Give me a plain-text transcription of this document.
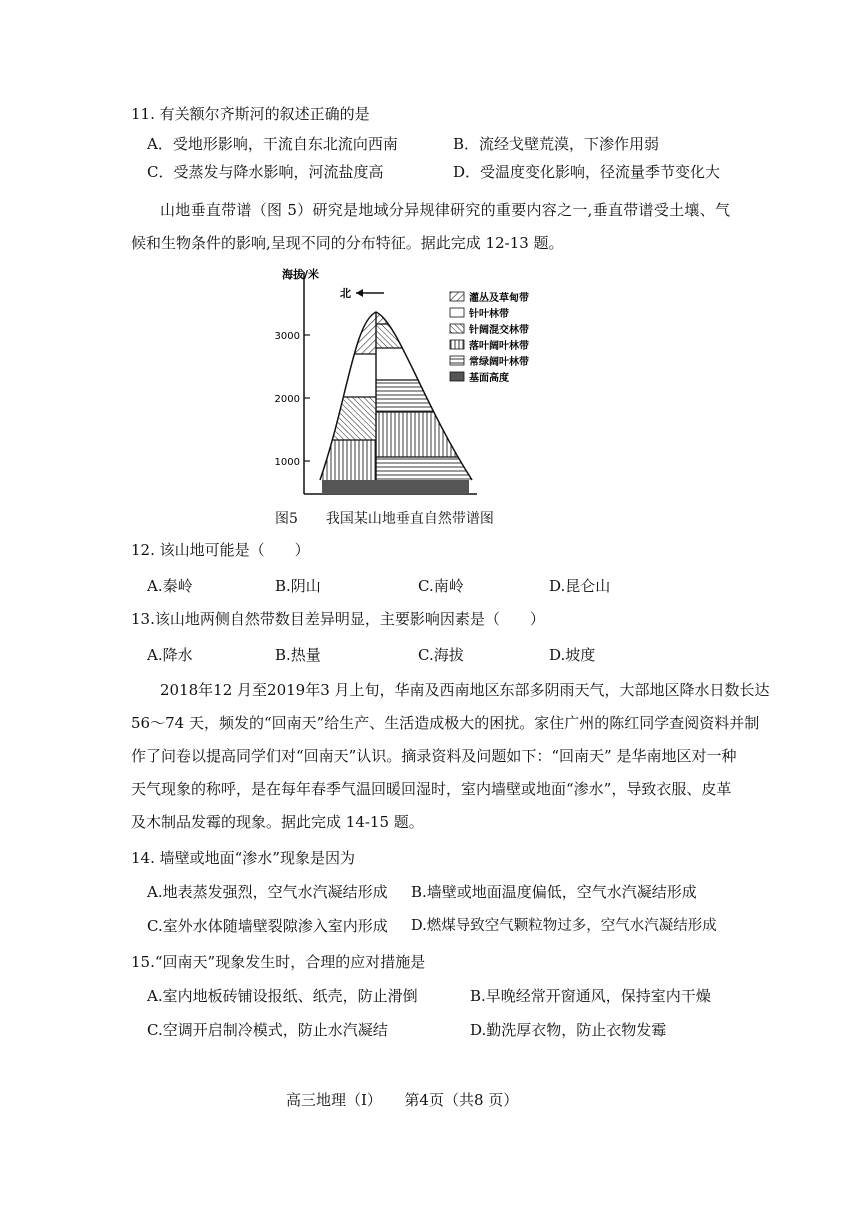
11. 有关额尔齐斯河的叙述正确的是
A．受地形影响，干流自东北流向西南	B．流经戈壁荒漠，下渗作用弱
C．受蒸发与降水影响，河流盐度高	D．受温度变化影响，径流量季节变化大
山地垂直带谱（图 5）研究是地域分异规律研究的重要内容之一,垂直带谱受土壤、气
候和生物条件的影响,呈现不同的分布特征。据此完成 12-13 题。
海拔/米
3000
2000
1000
北	灌丛及草甸带
针叶林带
针阔混交林带
落叶阔叶林带
常绿阔叶林带
基面高度
图5　　我国某山地垂直自然带谱图
12. 该山地可能是（　　）
A.秦岭	B.阴山	C.南岭	D.昆仑山
13.该山地两侧自然带数目差异明显，主要影响因素是（　　）
A.降水	B.热量	C.海拔	D.坡度
2018年12 月至2019年3 月上旬，华南及西南地区东部多阴雨天气，大部地区降水日数长达
56～74 天，频发的“回南天”给生产、生活造成极大的困扰。家住广州的陈红同学查阅资料并制
作了问卷以提高同学们对“回南天”认识。摘录资料及问题如下：“回南天” 是华南地区对一种
天气现象的称呼，是在每年春季气温回暖回湿时，室内墙壁或地面“渗水”，导致衣服、皮革
及木制品发霉的现象。据此完成 14-15 题。
14. 墙壁或地面“渗水”现象是因为
A.地表蒸发强烈，空气水汽凝结形成 B.墙壁或地面温度偏低，空气水汽凝结形成
C.室外水体随墙壁裂隙渗入室内形成 D.燃煤导致空气颗粒物过多，空气水汽凝结形成
15.“回南天”现象发生时，合理的应对措施是
A.室内地板砖铺设报纸、纸壳，防止滑倒	B.早晚经常开窗通风，保持室内干燥
C.空调开启制冷模式，防止水汽凝结	D.勤洗厚衣物，防止衣物发霉
高三地理（I）　　第4页（共8 页）
